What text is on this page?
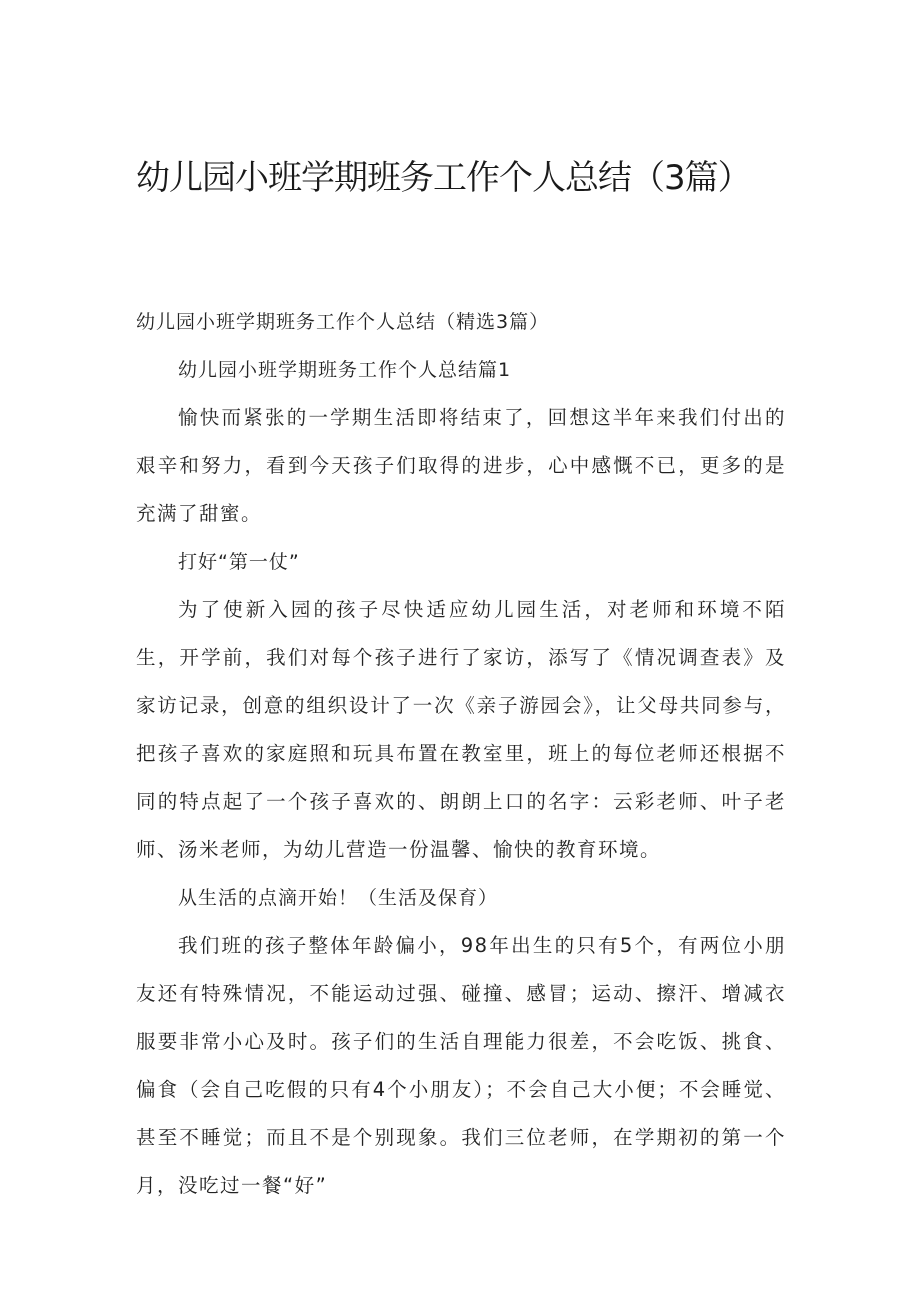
幼儿园小班学期班务工作个人总结（3篇）
幼儿园小班学期班务工作个人总结（精选3篇）
幼儿园小班学期班务工作个人总结篇1
愉快而紧张的一学期生活即将结束了，回想这半年来我们付出的艰辛和努力，看到今天孩子们取得的进步，心中感慨不已，更多的是充满了甜蜜。
打好“第一仗”
为了使新入园的孩子尽快适应幼儿园生活，对老师和环境不陌生，开学前，我们对每个孩子进行了家访，添写了《情况调查表》及家访记录，创意的组织设计了一次《亲子游园会》，让父母共同参与，把孩子喜欢的家庭照和玩具布置在教室里，班上的每位老师还根据不同的特点起了一个孩子喜欢的、朗朗上口的名字：云彩老师、叶子老师、汤米老师，为幼儿营造一份温馨、愉快的教育环境。
从生活的点滴开始！（生活及保育）
我们班的孩子整体年龄偏小，98年出生的只有5个，有两位小朋友还有特殊情况，不能运动过强、碰撞、感冒；运动、擦汗、增减衣服要非常小心及时。孩子们的生活自理能力很差，不会吃饭、挑食、偏食（会自己吃假的只有4个小朋友）；不会自己大小便；不会睡觉、甚至不睡觉；而且不是个别现象。我们三位老师，在学期初的第一个月，没吃过一餐“好”
